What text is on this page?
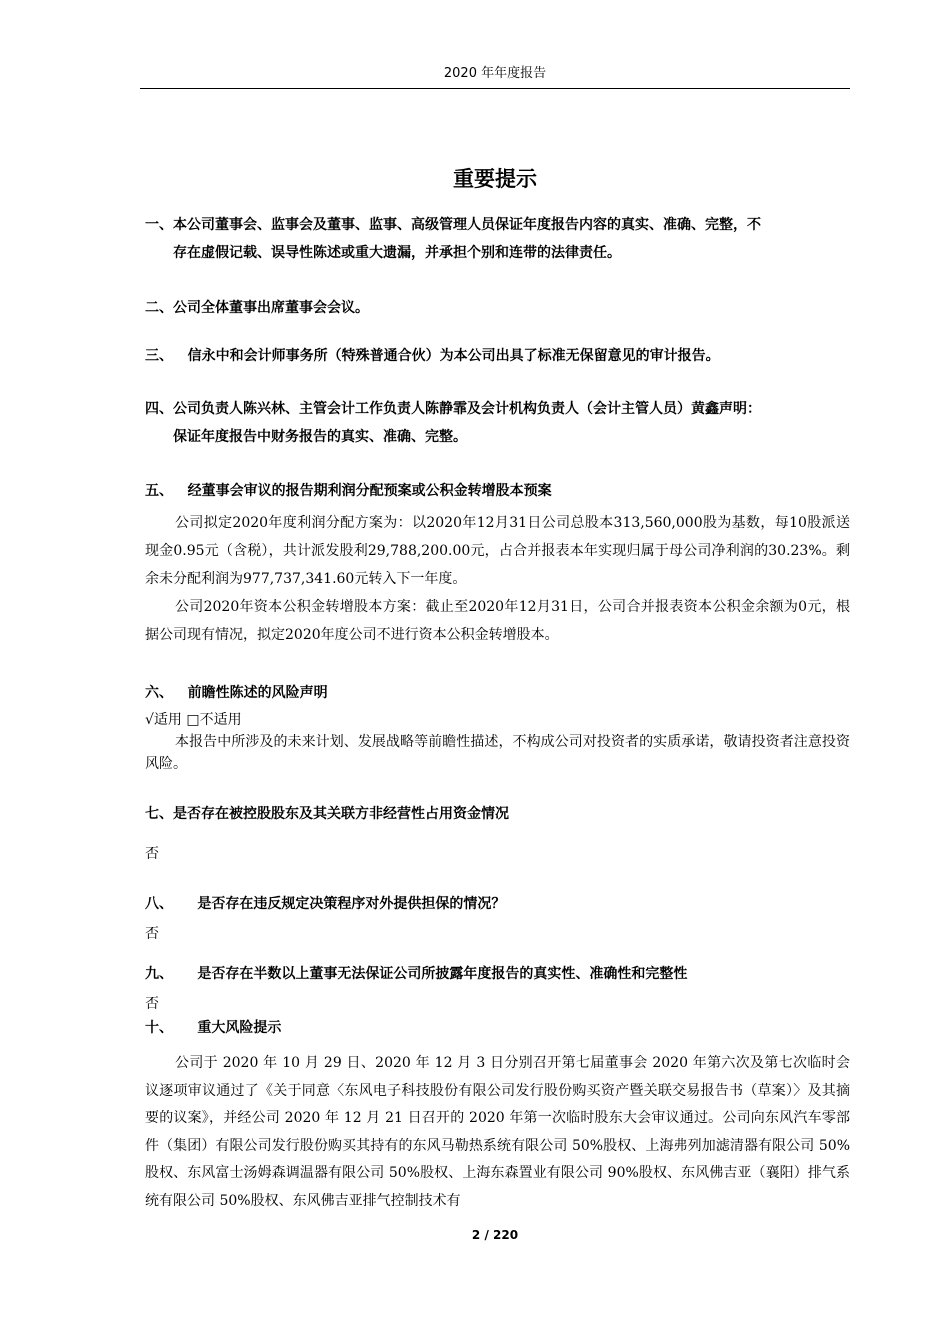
2020 年年度报告
重要提示
一、本公司董事会、监事会及董事、监事、高级管理人员保证年度报告内容的真实、准确、完整，不
存在虚假记载、误导性陈述或重大遗漏，并承担个别和连带的法律责任。
二、公司全体董事出席董事会会议。
三、 信永中和会计师事务所（特殊普通合伙）为本公司出具了标准无保留意见的审计报告。
四、公司负责人陈兴林、主管会计工作负责人陈静霏及会计机构负责人（会计主管人员）黄鑫声明：
保证年度报告中财务报告的真实、准确、完整。
五、 经董事会审议的报告期利润分配预案或公积金转增股本预案
公司拟定2020年度利润分配方案为：以2020年12月31日公司总股本313,560,000股为基数，每10股派送现金0.95元（含税），共计派发股利29,788,200.00元，占合并报表本年实现归属于母公司净利润的30.23%。剩余未分配利润为977,737,341.60元转入下一年度。
公司2020年资本公积金转增股本方案：截止至2020年12月31日，公司合并报表资本公积金余额为0元，根据公司现有情况，拟定2020年度公司不进行资本公积金转增股本。
六、 前瞻性陈述的风险声明
√适用 □不适用
本报告中所涉及的未来计划、发展战略等前瞻性描述，不构成公司对投资者的实质承诺，敬请投资者注意投资风险。
七、是否存在被控股股东及其关联方非经营性占用资金情况
否
八、 是否存在违反规定决策程序对外提供担保的情况？
否
九、 是否存在半数以上董事无法保证公司所披露年度报告的真实性、准确性和完整性
否
十、 重大风险提示
公司于 2020 年 10 月 29 日、2020 年 12 月 3 日分别召开第七届董事会 2020 年第六次及第七次临时会议逐项审议通过了《关于同意〈东风电子科技股份有限公司发行股份购买资产暨关联交易报告书（草案）〉及其摘要的议案》，并经公司 2020 年 12 月 21 日召开的 2020 年第一次临时股东大会审议通过。公司向东风汽车零部件（集团）有限公司发行股份购买其持有的东风马勒热系统有限公司 50%股权、上海弗列加滤清器有限公司 50%股权、东风富士汤姆森调温器有限公司 50%股权、上海东森置业有限公司 90%股权、东风佛吉亚（襄阳）排气系统有限公司 50%股权、东风佛吉亚排气控制技术有
2 / 220
